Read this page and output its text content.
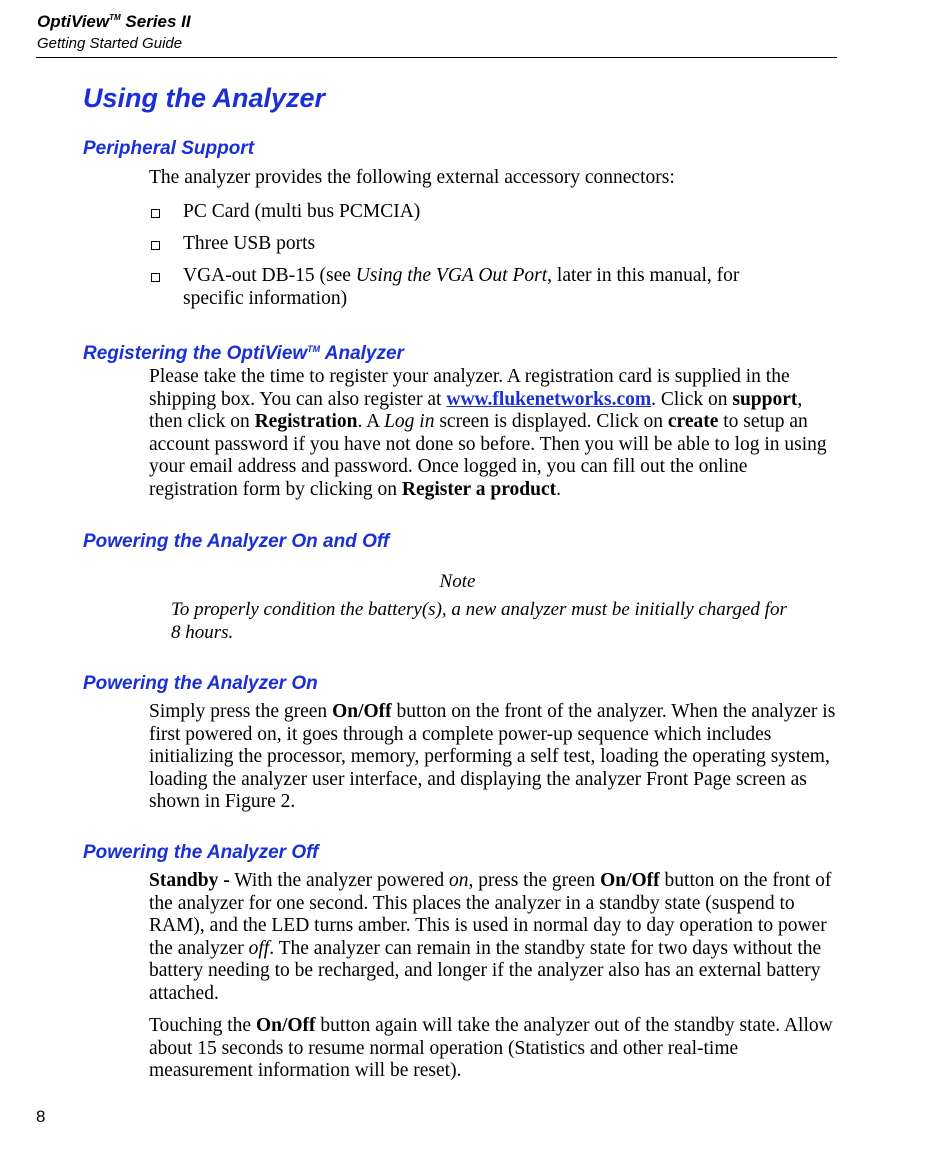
OptiView™ Series II
Getting Started Guide
Using the Analyzer
Peripheral Support

The analyzer provides the following external accessory connectors:

PC Card (multi bus PCMCIA)
Three USB ports
VGA-out DB-15 (see Using the VGA Out Port, later in this manual, for specific information)
Registering the OptiView™ Analyzer

Please take the time to register your analyzer. A registration card is supplied in the shipping box. You can also register at www.flukenetworks.com. Click on support, then click on Registration. A Log in screen is displayed. Click on create to setup an account password if you have not done so before. Then you will be able to log in using your email address and password. Once logged in, you can fill out the online registration form by clicking on Register a product.

Powering the Analyzer On and Off
Note

To properly condition the battery(s), a new analyzer must be initially charged for 8 hours.

Powering the Analyzer On

Simply press the green On/Off button on the front of the analyzer. When the analyzer is first powered on, it goes through a complete power-up sequence which includes initializing the processor, memory, performing a self test, loading the operating system, loading the analyzer user interface, and displaying the analyzer Front Page screen as shown in Figure 2.

Powering the Analyzer Off

Standby - With the analyzer powered on, press the green On/Off button on the front of the analyzer for one second. This places the analyzer in a standby state (suspend to RAM), and the LED turns amber. This is used in normal day to day operation to power the analyzer off. The analyzer can remain in the standby state for two days without the battery needing to be recharged, and longer if the analyzer also has an external battery attached.

Touching the On/Off button again will take the analyzer out of the standby state. Allow about 15 seconds to resume normal operation (Statistics and other real-time measurement information will be reset).

8
